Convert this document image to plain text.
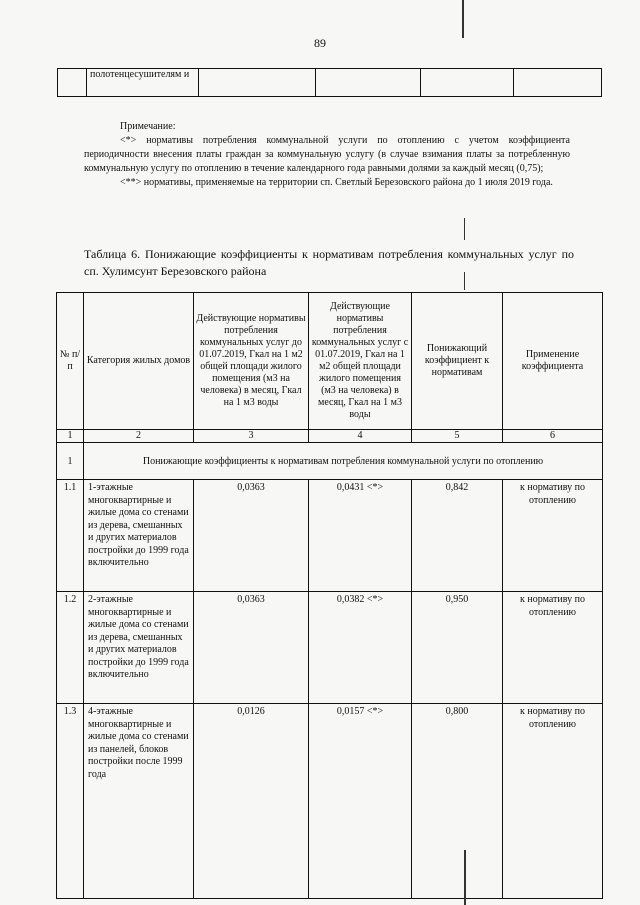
89
	полотенцесушителям и				

Примечание:

<*> нормативы потребления коммунальной услуги по отоплению с учетом коэффициента периодичности внесения платы граждан за коммунальную услугу (в случае взимания платы за потребленную коммунальную услугу по отоплению в течение календарного года равными долями за каждый месяц (0,75);

<**> нормативы, применяемые на территории сп. Светлый Березовского района до 1 июля 2019 года.

Таблица 6. Понижающие коэффициенты к нормативам потребления коммунальных услуг по сп. Хулимсунт Березовского района
№ п/п	Категория жилых домов	Действующие нормативы потребления коммунальных услуг до 01.07.2019, Гкал на 1 м2 общей площади жилого помещения (м3 на человека) в месяц, Гкал на 1 м3 воды	Действующие нормативы потребления коммунальных услуг с 01.07.2019, Гкал на 1 м2 общей площади жилого помещения (м3 на человека) в месяц, Гкал на 1 м3 воды	Понижающий коэффициент к нормативам	Применение коэффициента
1	2	3	4	5	6
1	Понижающие коэффициенты к нормативам потребления коммунальной услуги по отоплению				
1.1	1-этажные многоквартирные и жилые дома со стенами из дерева, смешанных и других материалов постройки до 1999 года включительно	0,0363	0,0431 <*>	0,842	к нормативу по отоплению
1.2	2-этажные многоквартирные и жилые дома со стенами из дерева, смешанных и других материалов постройки до 1999 года включительно	0,0363	0,0382 <*>	0,950	к нормативу по отоплению
1.3	4-этажные многоквартирные и жилые дома со стенами из панелей, блоков постройки после 1999 года	0,0126	0,0157 <*>	0,800	к нормативу по отоплению
